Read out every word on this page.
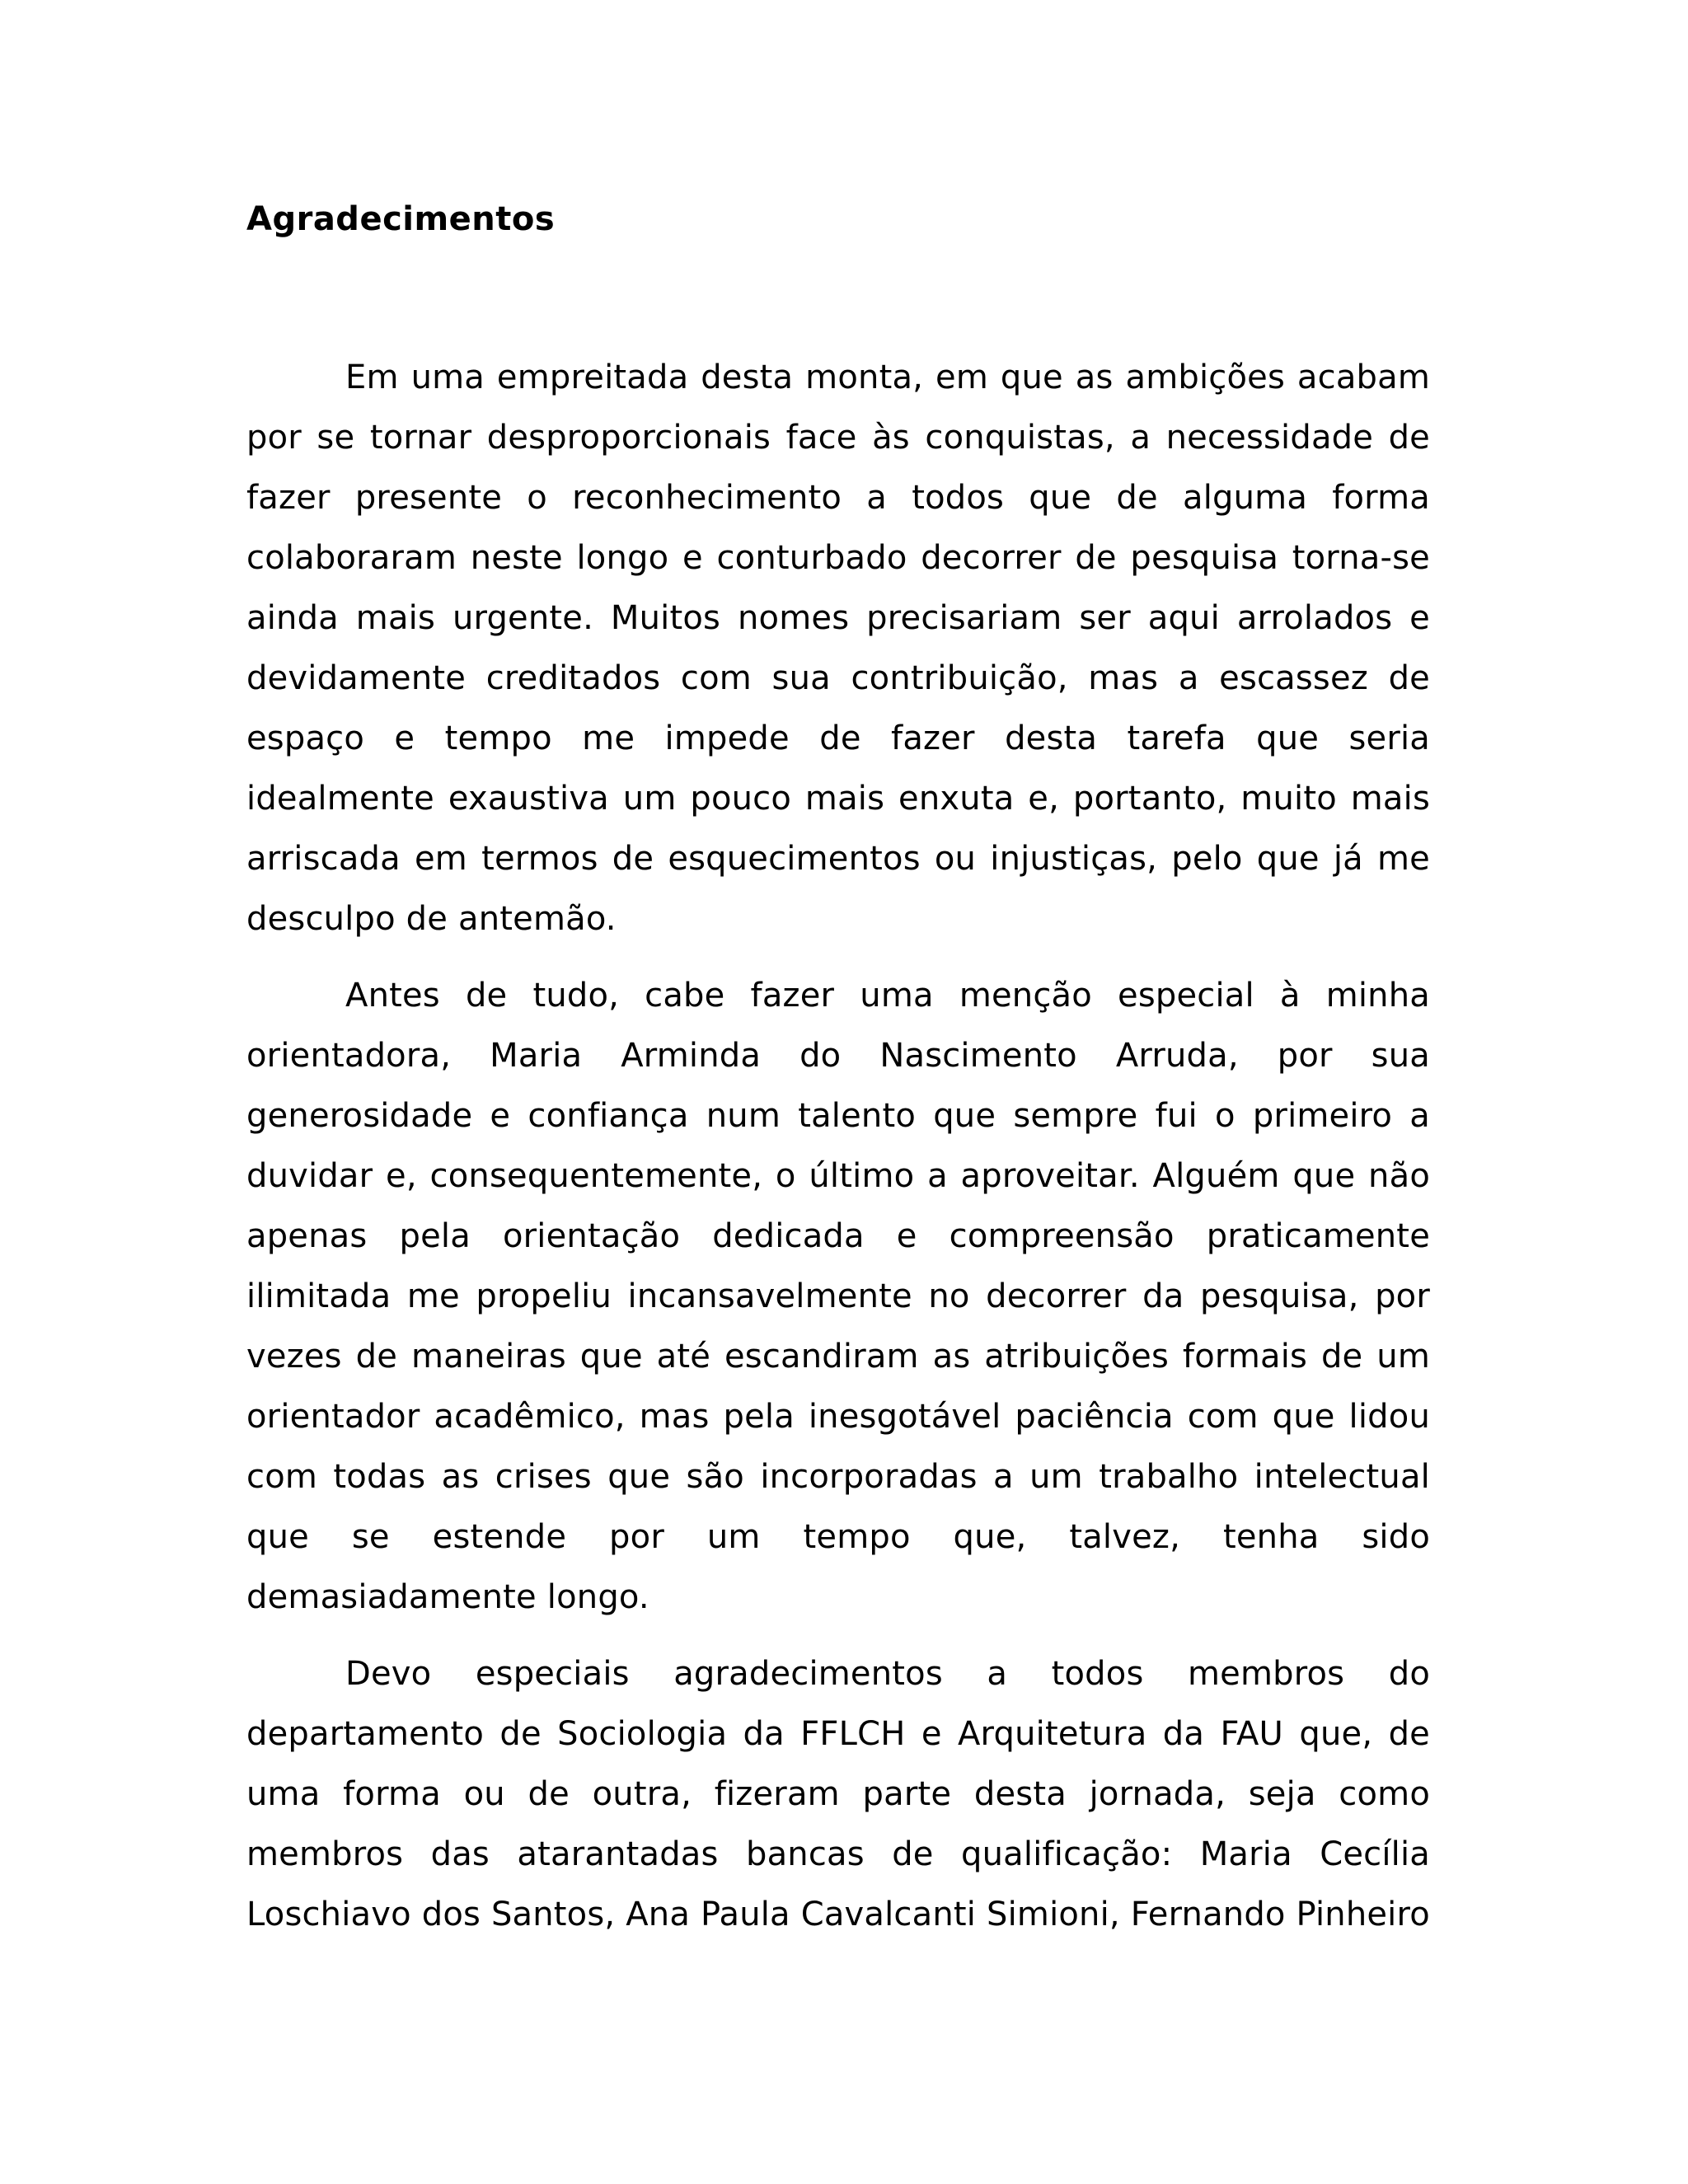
Agradecimentos

Em uma empreitada desta monta, em que as ambições acabam por se tornar desproporcionais face às conquistas, a necessidade de fazer presente o reconhecimento a todos que de alguma forma colaboraram neste longo e conturbado decorrer de pesquisa torna-se ainda mais urgente. Muitos nomes precisariam ser aqui arrolados e devidamente creditados com sua contribuição, mas a escassez de espaço e tempo me impede de fazer desta tarefa que seria idealmente exaustiva um pouco mais enxuta e, portanto, muito mais arriscada em termos de esquecimentos ou injustiças, pelo que já me desculpo de antemão.

Antes de tudo, cabe fazer uma menção especial à minha orientadora, Maria Arminda do Nascimento Arruda, por sua generosidade e confiança num talento que sempre fui o primeiro a duvidar e, consequentemente, o último a aproveitar. Alguém que não apenas pela orientação dedicada e compreensão praticamente ilimitada me propeliu incansavelmente no decorrer da pesquisa, por vezes de maneiras que até escandiram as atribuições formais de um orientador acadêmico, mas pela inesgotável paciência com que lidou com todas as crises que são incorporadas a um trabalho intelectual que se estende por um tempo que, talvez, tenha sido demasiadamente longo.

Devo especiais agradecimentos a todos membros do departamento de Sociologia da FFLCH e Arquitetura da FAU que, de uma forma ou de outra, fizeram parte desta jornada, seja como membros das atarantadas bancas de qualificação: Maria Cecília Loschiavo dos Santos, Ana Paula Cavalcanti Simioni, Fernando Pinheiro
